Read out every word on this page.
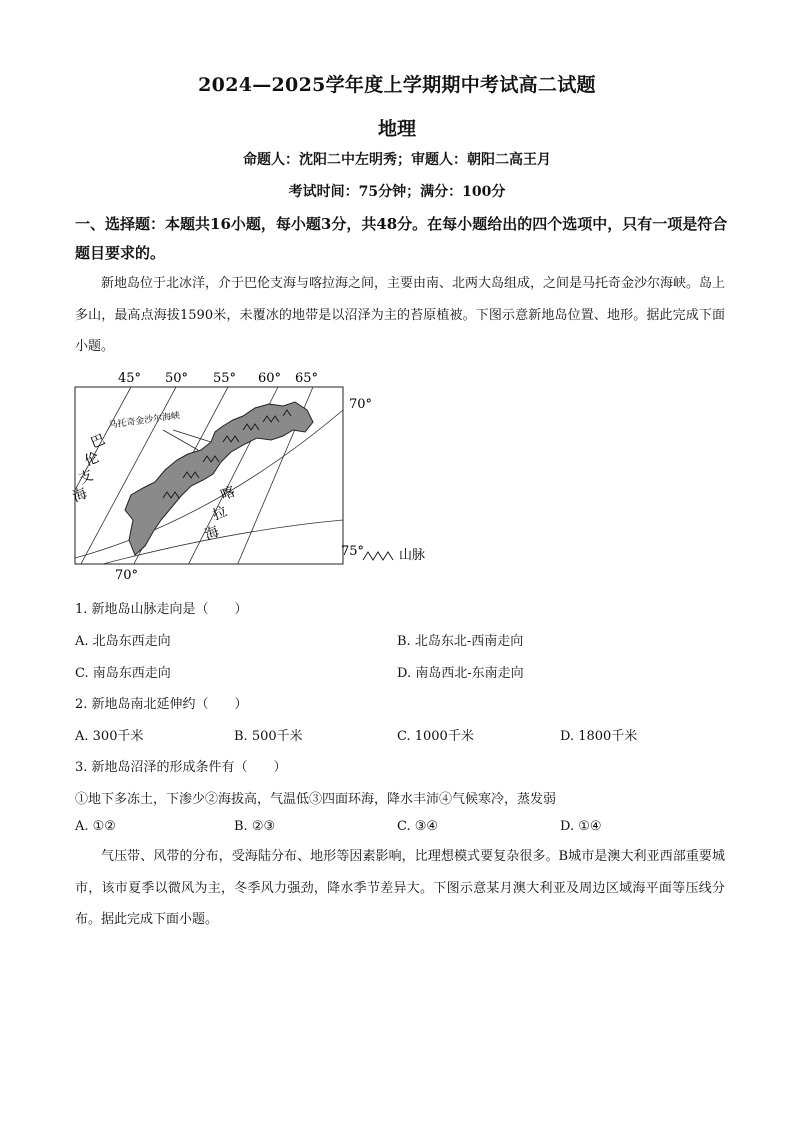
2024—2025学年度上学期期中考试高二试题
地理
命题人：沈阳二中左明秀；审题人：朝阳二高王月
考试时间：75分钟；满分：100分
一、选择题：本题共16小题，每小题3分，共48分。在每小题给出的四个选项中，只有一项是符合题目要求的。
新地岛位于北冰洋，介于巴伦支海与喀拉海之间，主要由南、北两大岛组成，之间是马托奇金沙尔海峡。岛上多山，最高点海拔1590米，未覆冰的地带是以沼泽为主的苔原植被。下图示意新地岛位置、地形。据此完成下面小题。
45° 50° 55° 60° 65°
70°
75°
70°
马托奇金沙尔海峡
巴
伦
支
海	喀
拉
海
山脉
1. 新地岛山脉走向是（　　）
A. 北岛东西走向	B. 北岛东北-西南走向
C. 南岛东西走向	D. 南岛西北-东南走向
2. 新地岛南北延伸约（　　）
A. 300千米	B. 500千米	C. 1000千米	D. 1800千米
3. 新地岛沼泽的形成条件有（　　）
①地下多冻土，下渗少②海拔高，气温低③四面环海，降水丰沛④气候寒冷，蒸发弱
A. ①②	B. ②③	C. ③④	D. ①④
气压带、风带的分布，受海陆分布、地形等因素影响，比理想模式要复杂很多。B城市是澳大利亚西部重要城市，该市夏季以微风为主，冬季风力强劲，降水季节差异大。下图示意某月澳大利亚及周边区域海平面等压线分布。据此完成下面小题。
